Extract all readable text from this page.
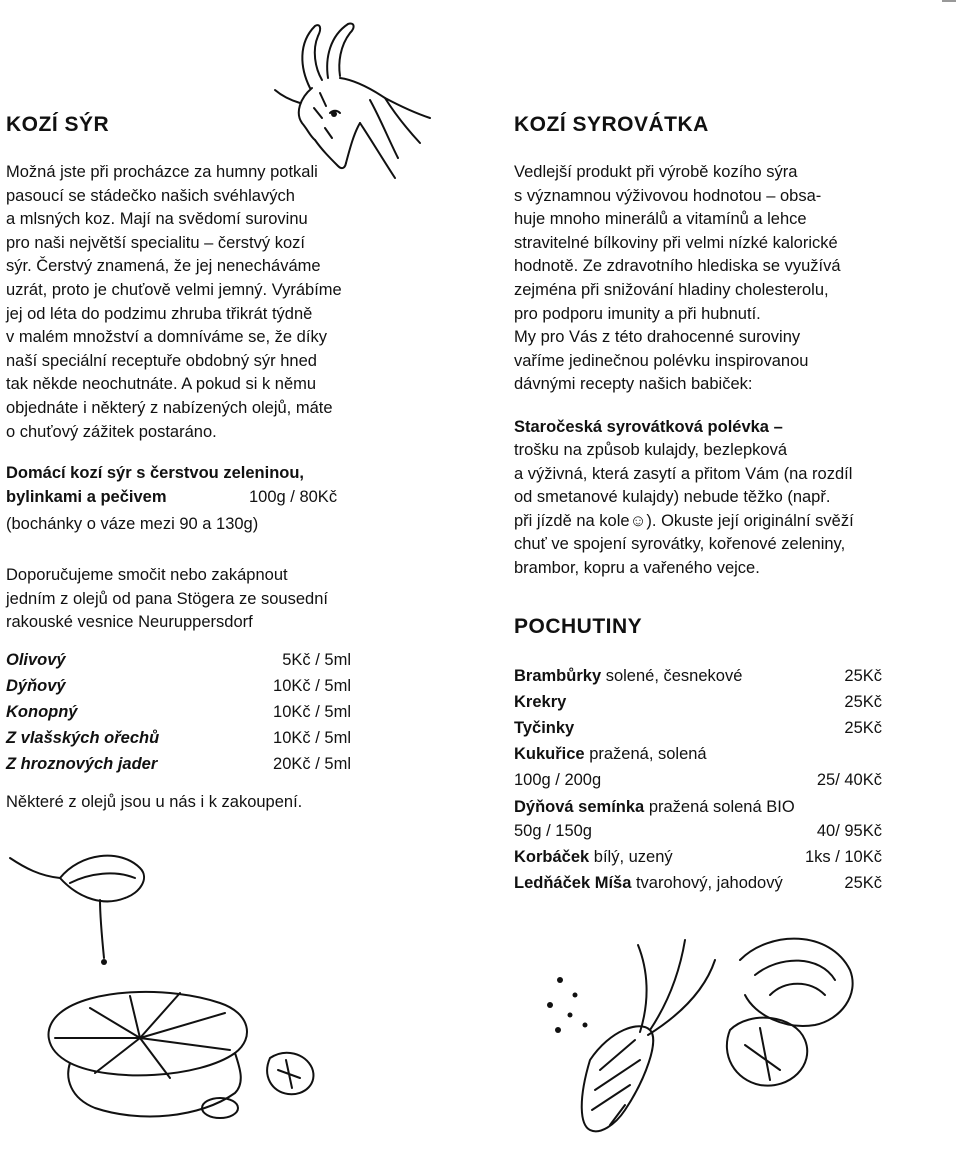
KOZÍ SÝR

Možná jste při procházce za humny potkali
pasoucí se stádečko našich svéhlavých
a mlsných koz. Mají na svědomí surovinu
pro naši největší specialitu – čerstvý kozí
sýr. Čerstvý znamená, že jej nenecháváme
uzrát, proto je chuťově velmi jemný. Vyrábíme
jej od léta do podzimu zhruba třikrát týdně
v malém množství a domníváme se, že díky
naší speciální receptuře obdobný sýr hned
tak někde neochutnáte. A pokud si k němu
objednáte i některý z nabízených olejů, máte
o chuťový zážitek postaráno.

Domácí kozí sýr s čerstvou zeleninou,
bylinkami a pečivem	100g / 80Kč
(bochánky o váze mezi 90 a 130g)

Doporučujeme smočit nebo zakápnout
jedním z olejů od pana Stögera ze sousední
rakouské vesnice Neuruppersdorf

Olivový	5Kč / 5ml
Dýňový	10Kč / 5ml
Konopný	10Kč / 5ml
Z vlašských ořechů	10Kč / 5ml
Z hroznových jader	20Kč / 5ml
Některé z olejů jsou u nás i k zakoupení.
KOZÍ SYROVÁTKA

Vedlejší produkt při výrobě kozího sýra
s významnou výživovou hodnotou – obsa-
huje mnoho minerálů a vitamínů a lehce
stravitelné bílkoviny při velmi nízké kalorické
hodnotě. Ze zdravotního hlediska se využívá
zejména při snižování hladiny cholesterolu,
pro podporu imunity a při hubnutí.
My pro Vás z této drahocenné suroviny
vaříme jedinečnou polévku inspirovanou
dávnými recepty našich babiček:

Staročeská syrovátková polévka –

trošku na způsob kulajdy, bezlepková
a výživná, která zasytí a přitom Vám (na rozdíl
od smetanové kulajdy) nebude těžko (např.
při jízdě na kole☺). Okuste její originální svěží
chuť ve spojení syrovátky, kořenové zeleniny,
brambor, kopru a vařeného vejce.

POCHUTINY
Brambůrky solené, česnekové	25Kč
Krekry	25Kč
Tyčinky	25Kč
Kukuřice pražená, solená
100g / 200g	25/ 40Kč
Dýňová semínka pražená solená BIO
50g / 150g	40/ 95Kč
Korbáček bílý, uzený	1ks / 10Kč
Ledňáček Míša tvarohový, jahodový	25Kč
